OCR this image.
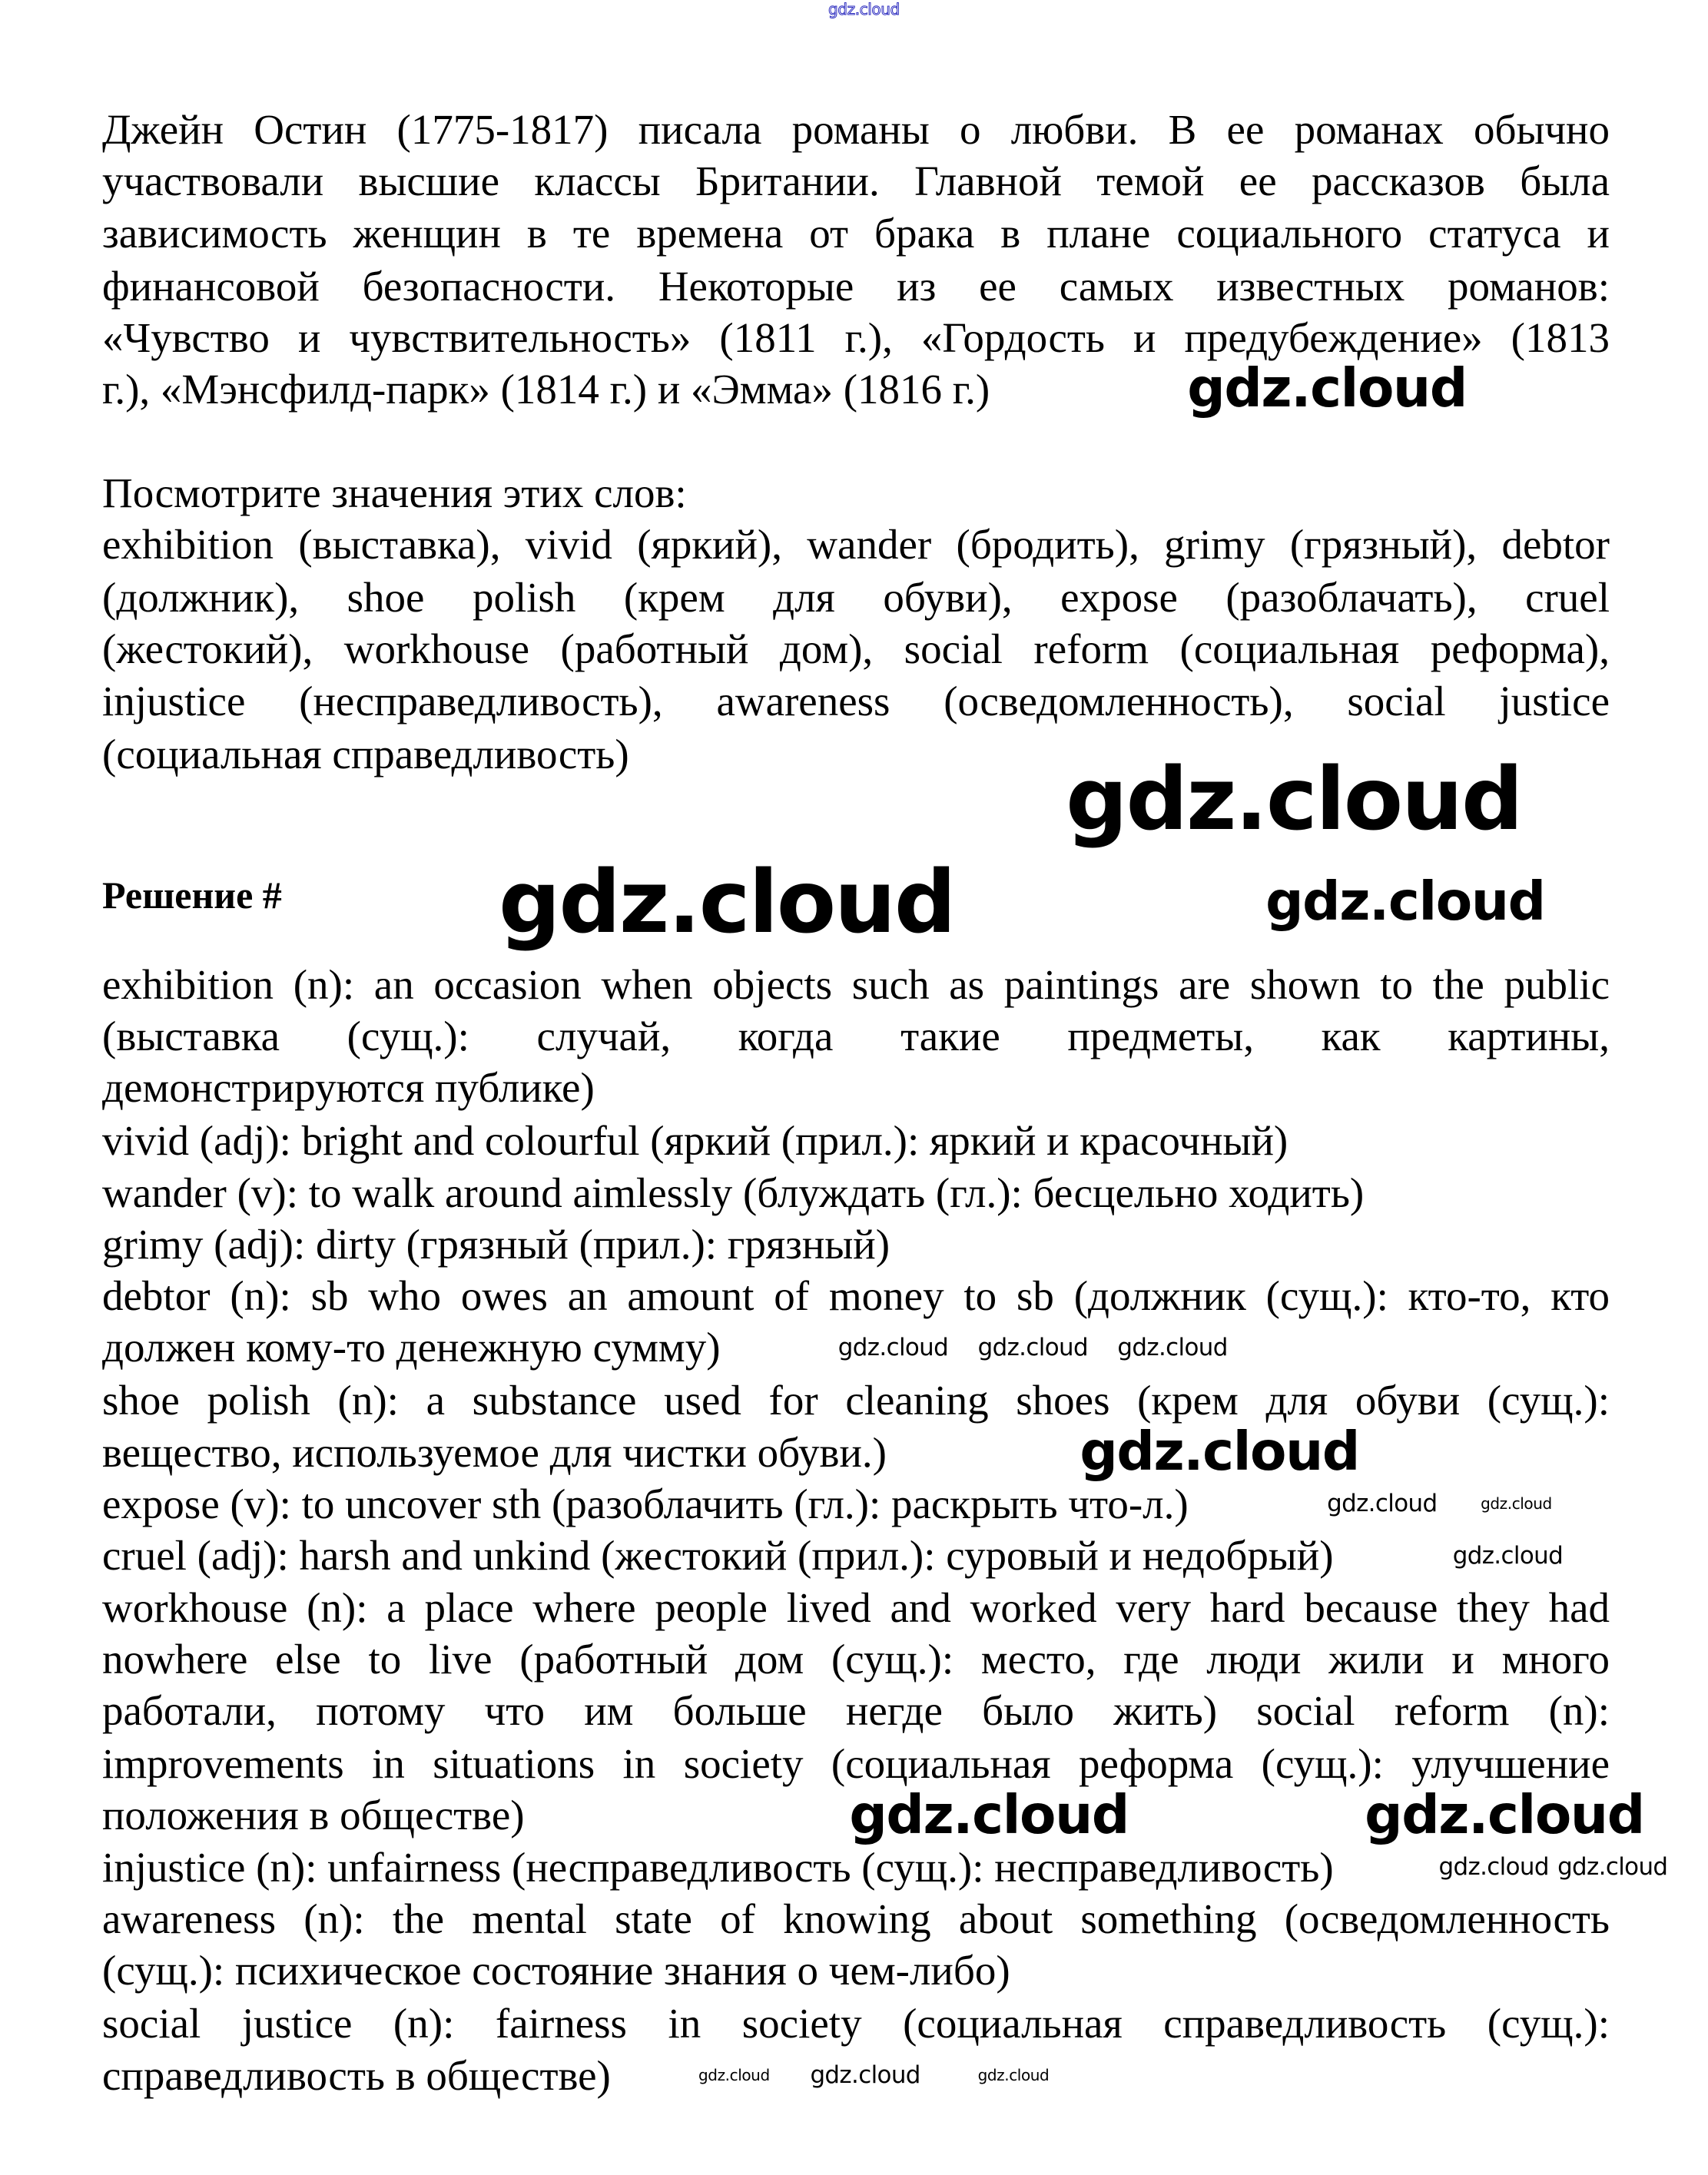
gdz.cloud
Джейн Остин (1775-1817) писала романы о любви. В ее романах обычно
участвовали высшие классы Британии. Главной темой ее рассказов была
зависимость женщин в те времена от брака в плане социального статуса и
финансовой безопасности. Некоторые из ее самых известных романов:
«Чувство и чувствительность» (1811 г.), «Гордость и предубеждение» (1813
г.), «Мэнсфилд-парк» (1814 г.) и «Эмма» (1816 г.)
Посмотрите значения этих слов:
exhibition (выставка), vivid (яркий), wander (бродить), grimy (грязный), debtor
(должник), shoe polish (крем для обуви), expose (разоблачать), cruel
(жестокий), workhouse (работный дом), social reform (социальная реформа),
injustice (несправедливость), awareness (осведомленность), social justice
(социальная справедливость)
Решение #
exhibition (n): an occasion when objects such as paintings are shown to the public
(выставка (сущ.): случай, когда такие предметы, как картины,
демонстрируются публике)
vivid (adj): bright and colourful (яркий (прил.): яркий и красочный)
wander (v): to walk around aimlessly (блуждать (гл.): бесцельно ходить)
grimy (adj): dirty (грязный (прил.): грязный)
debtor (n): sb who owes an amount of money to sb (должник (сущ.): кто-то, кто
должен кому-то денежную сумму)
shoe polish (n): a substance used for cleaning shoes (крем для обуви (сущ.):
вещество, используемое для чистки обуви.)
expose (v): to uncover sth (разоблачить (гл.): раскрыть что-л.)
cruel (adj): harsh and unkind (жестокий (прил.): суровый и недобрый)
workhouse (n): a place where people lived and worked very hard because they had
nowhere else to live (работный дом (сущ.): место, где люди жили и много
работали, потому что им больше негде было жить) social reform (n):
improvements in situations in society (социальная реформа (сущ.): улучшение
положения в обществе)
injustice (n): unfairness (несправедливость (сущ.): несправедливость)
awareness (n): the mental state of knowing about something (осведомленность
(сущ.): психическое состояние знания о чем-либо)
social justice (n): fairness in society (социальная справедливость (сущ.):
справедливость в обществе)
gdz.cloud
gdz.cloud
gdz.cloud	gdz.cloud
gdz.cloud
gdz.cloud	gdz.cloud
gdz.cloud gdz.cloud gdz.cloud
gdz.cloud
gdz.cloud	gdz.cloud
gdz.cloud gdz.cloud
gdz.cloud gdz.cloud	gdz.cloud
